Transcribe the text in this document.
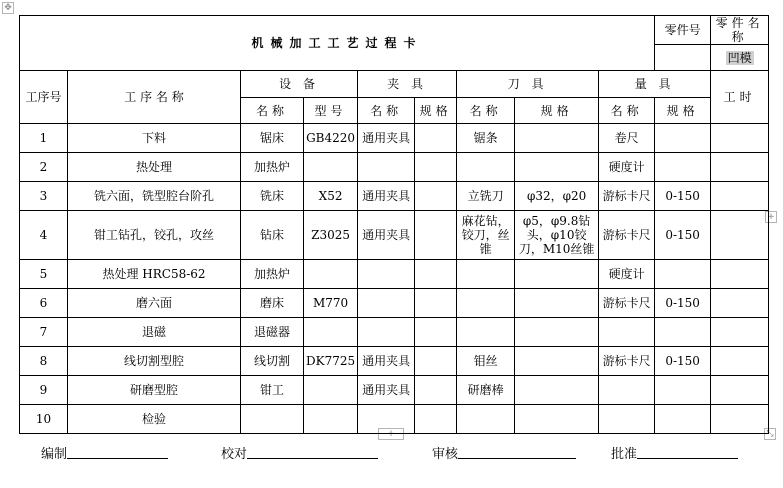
✥
+
+	⤡
机械加工工艺过程卡									零件号	零件名称
										凹模
工序号	工 序 名 称	设 备		夹 具		刀 具		量 具		工时
		名称	型号	名称	规格	名称	规格	名称	规格	
1	下料	锯床	GB4220	通用夹具		锯条		卷尺		
2	热处理	加热炉						硬度计		
3	铣六面，铣型腔台阶孔	铣床	X52	通用夹具		立铣刀	φ32，φ20	游标卡尺	0-150	
4	钳工钻孔，铰孔，攻丝	钻床	Z3025	通用夹具		麻花钻，铰刀，丝锥	φ5，φ9.8钻头，φ10铰刀，M10丝锥	游标卡尺	0-150	
5	热处理 HRC58-62	加热炉						硬度计		
6	磨六面	磨床	M770					游标卡尺	0-150	
7	退磁	退磁器								
8	线切割型腔	线切割	DK7725	通用夹具		钼丝		游标卡尺	0-150	
9	研磨型腔	钳工		通用夹具		研磨棒				
10	检验									
编制	校对	审核	批准
